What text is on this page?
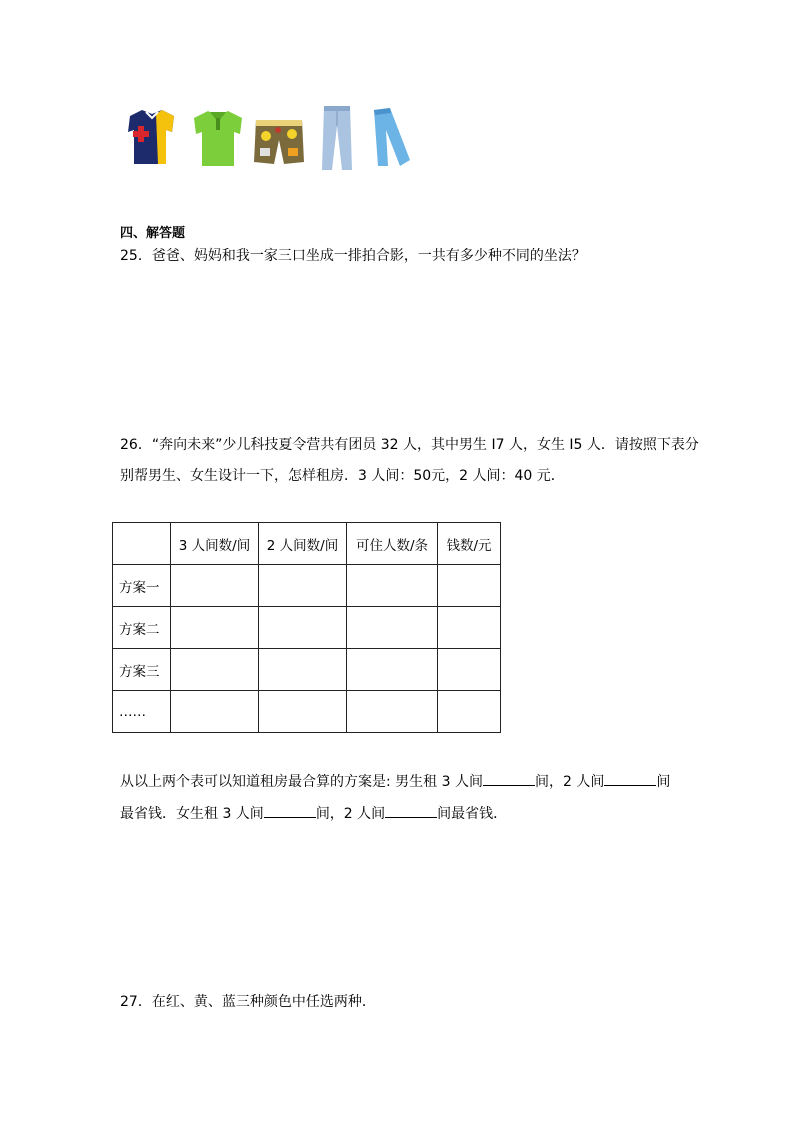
四、解答题
25．爸爸、妈妈和我一家三口坐成一排拍合影，一共有多少种不同的坐法？
26．“奔向未来”少儿科技夏令营共有团员 32 人，其中男生 I7 人，女生 I5 人．请按照下表分
别帮男生、女生设计一下，怎样租房．3 人间：50元，2 人间：40 元．
	3 人间数/间	2 人间数/间	可住人数/条	钱数/元
方案一				
方案二				
方案三				
……				
从以上两个表可以知道租房最合算的方案是: 男生租 3 人间	间，2 人间	间
最省钱．女生租 3 人间	间，2 人间	间最省钱．
27．在红、黄、蓝三种颜色中任选两种．
